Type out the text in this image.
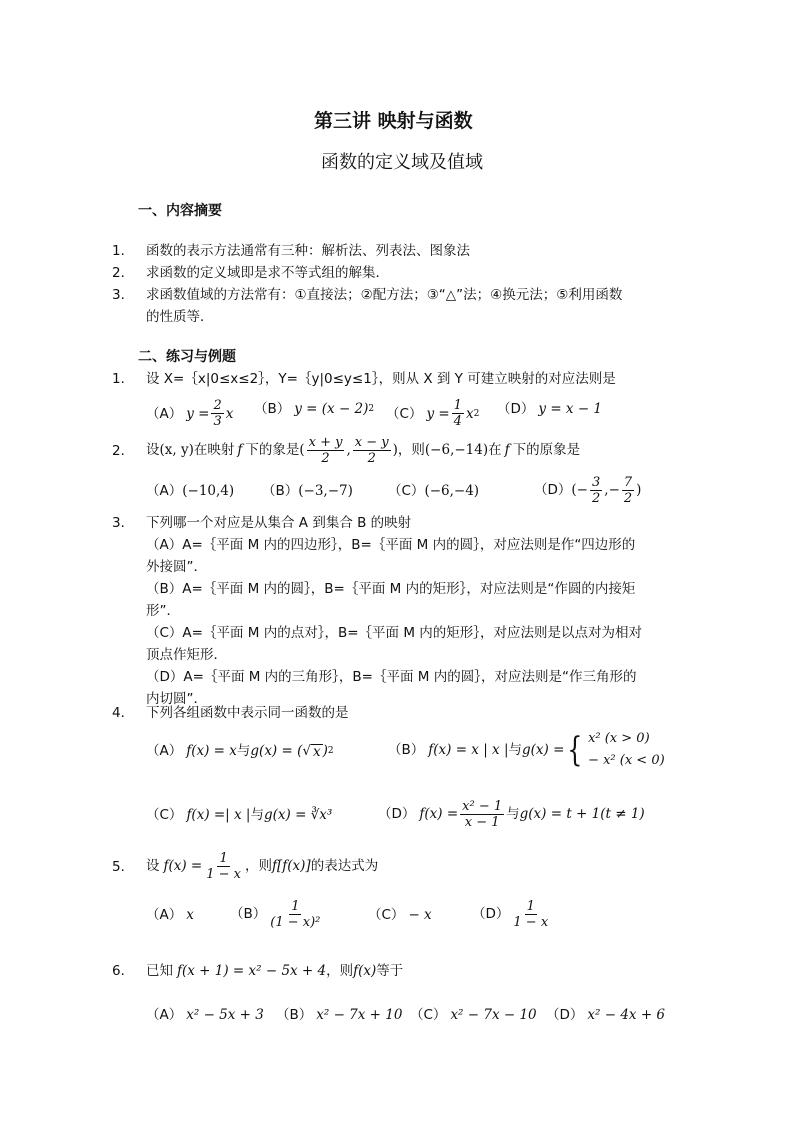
第三讲 映射与函数
函数的定义域及值域
一、内容摘要
1． 函数的表示方法通常有三种：解析法、列表法、图象法
2． 求函数的定义域即是求不等式组的解集．
3． 求函数值域的方法常有：①直接法；②配方法；③“△”法；④换元法；⑤利用函数
的性质等．
二、练习与例题
1． 设 X=｛x|0≤x≤2｝，Y=｛y|0≤y≤1｝，则从 X 到 Y 可建立映射的对应法则是
（A） $y = \frac{2}{3}$ x （B） y = (x − 2) 2 （C） $y = \frac{1}{4}$ x 2 （D） y = x − 1
2． 设 (x, y) 在映射 f 下的象是 ( $\frac{x + y}{2}$ , $\frac{x - y}{2}$ ) ，则 (−6,−14) 在 f 下的原象是
（A）(−10,4) （B）(−3,−7)	（C）(−6,−4)	（D） (− $\frac{3}{2}$ ,− $\frac{7}{2}$ )
3． 下列哪一个对应是从集合 A 到集合 B 的映射
（A）A=｛平面 M 内的四边形｝，B=｛平面 M 内的圆｝，对应法则是作“四边形的
外接圆”．
（B）A=｛平面 M 内的圆｝，B=｛平面 M 内的矩形｝，对应法则是“作圆的内接矩
形”．
（C）A=｛平面 M 内的点对｝，B=｛平面 M 内的矩形｝，对应法则是以点对为相对
顶点作矩形．
（D）A=｛平面 M 内的三角形｝，B=｛平面 M 内的圆｝，对应法则是“作三角形的
内切圆”．
4． 下列各组函数中表示同一函数的是
（A） f(x) = x 与 g(x) = ( √ x ) 2	（B） f(x) = x | x | 与 g(x) = { x² (x > 0)
− x² (x < 0)
（C） f(x) =| x | 与 g(x) = ∛x³	（D） $f(x) = \frac{\text{x² − 1}}{x - 1}$ 与 g(x) = t + 1(t ≠ 1)
5． 设 $f(x) = \frac{1}{1 - x}$ ，则 f[f(x)] 的表达式为
（A） x	$(B) \frac{1}{\text{(1 − x)²}}$	（C） − x	$(D) \frac{1}{1 - x}$
6． 已知 f(x + 1) = x² − 5x + 4 ，则 f(x) 等于
（A） x² − 5x + 3 （B） x² − 7x + 10 （C） x² − 7x − 10 （D） x² − 4x + 6
